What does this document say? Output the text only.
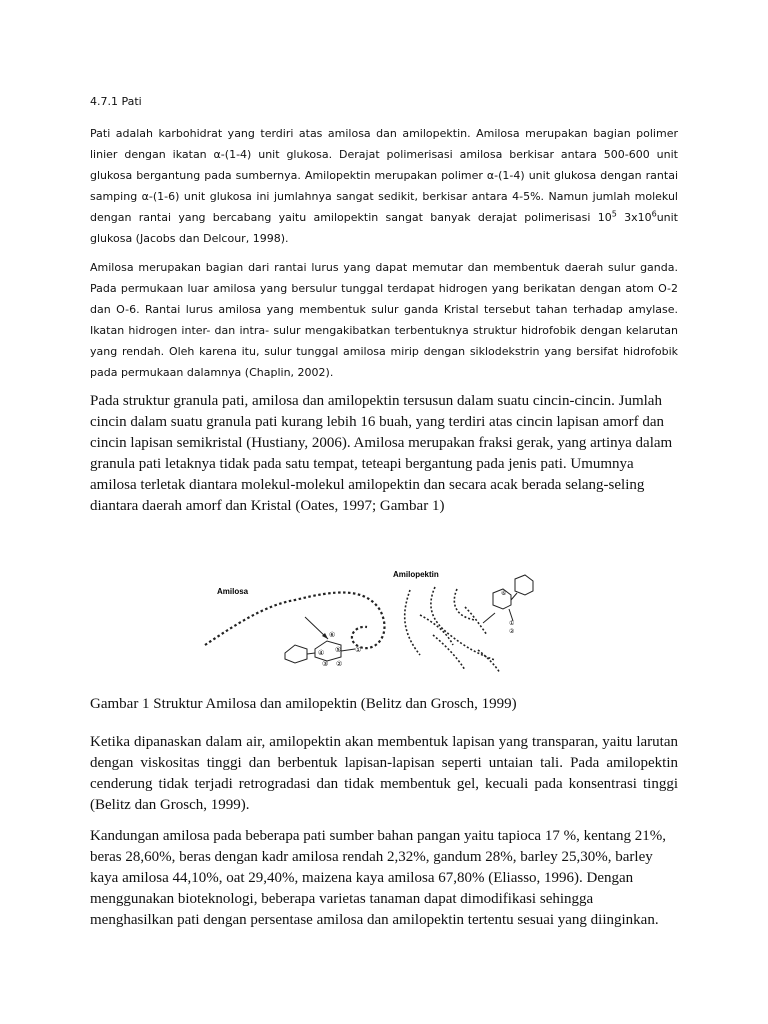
4.7.1 Pati

Pati adalah karbohidrat yang terdiri atas amilosa dan amilopektin. Amilosa merupakan bagian polimer linier dengan ikatan α-(1-4) unit glukosa. Derajat polimerisasi amilosa berkisar antara 500-600 unit glukosa bergantung pada sumbernya. Amilopektin merupakan polimer α-(1-4) unit glukosa dengan rantai samping α-(1-6) unit glukosa ini jumlahnya sangat sedikit, berkisar antara 4-5%. Namun jumlah molekul dengan rantai yang bercabang yaitu amilopektin sangat banyak derajat polimerisasi $10^5$ $3x10^6unit$ glukosa (Jacobs dan Delcour, 1998).

Amilosa merupakan bagian dari rantai lurus yang dapat memutar dan membentuk daerah sulur ganda. Pada permukaan luar amilosa yang bersulur tunggal terdapat hidrogen yang berikatan dengan atom O-2 dan O-6. Rantai lurus amilosa yang membentuk sulur ganda Kristal tersebut tahan terhadap amylase. Ikatan hidrogen inter- dan intra- sulur mengakibatkan terbentuknya struktur hidrofobik dengan kelarutan yang rendah. Oleh karena itu, sulur tunggal amilosa mirip dengan siklodekstrin yang bersifat hidrofobik pada permukaan dalamnya (Chaplin, 2002).

Pada struktur granula pati, amilosa dan amilopektin tersusun dalam suatu cincin-cincin. Jumlah cincin dalam suatu granula pati kurang lebih 16 buah, yang terdiri atas cincin lapisan amorf dan cincin lapisan semikristal (Hustiany, 2006). Amilosa merupakan fraksi gerak, yang artinya dalam granula pati letaknya tidak pada satu tempat, teteapi bergantung pada jenis pati. Umumnya amilosa terletak diantara molekul-molekul amilopektin dan secara acak berada selang-seling diantara daerah amorf dan Kristal (Oates, 1997; Gambar 1)

Amilosa
Amilopektin
⑥
④ ⑤ ①
③ ②
⑥
①
②

Gambar 1 Struktur Amilosa dan amilopektin (Belitz dan Grosch, 1999)

Ketika dipanaskan dalam air, amilopektin akan membentuk lapisan yang transparan, yaitu larutan dengan viskositas tinggi dan berbentuk lapisan-lapisan seperti untaian tali. Pada amilopektin cenderung tidak terjadi retrogradasi dan tidak membentuk gel, kecuali pada konsentrasi tinggi (Belitz dan Grosch, 1999).

Kandungan amilosa pada beberapa pati sumber bahan pangan yaitu tapioca 17 %, kentang 21%, beras 28,60%, beras dengan kadr amilosa rendah 2,32%, gandum 28%, barley 25,30%, barley kaya amilosa 44,10%, oat 29,40%, maizena kaya amilosa 67,80% (Eliasso, 1996). Dengan menggunakan bioteknologi, beberapa varietas tanaman dapat dimodifikasi sehingga menghasilkan pati dengan persentase amilosa dan amilopektin tertentu sesuai yang diinginkan.
